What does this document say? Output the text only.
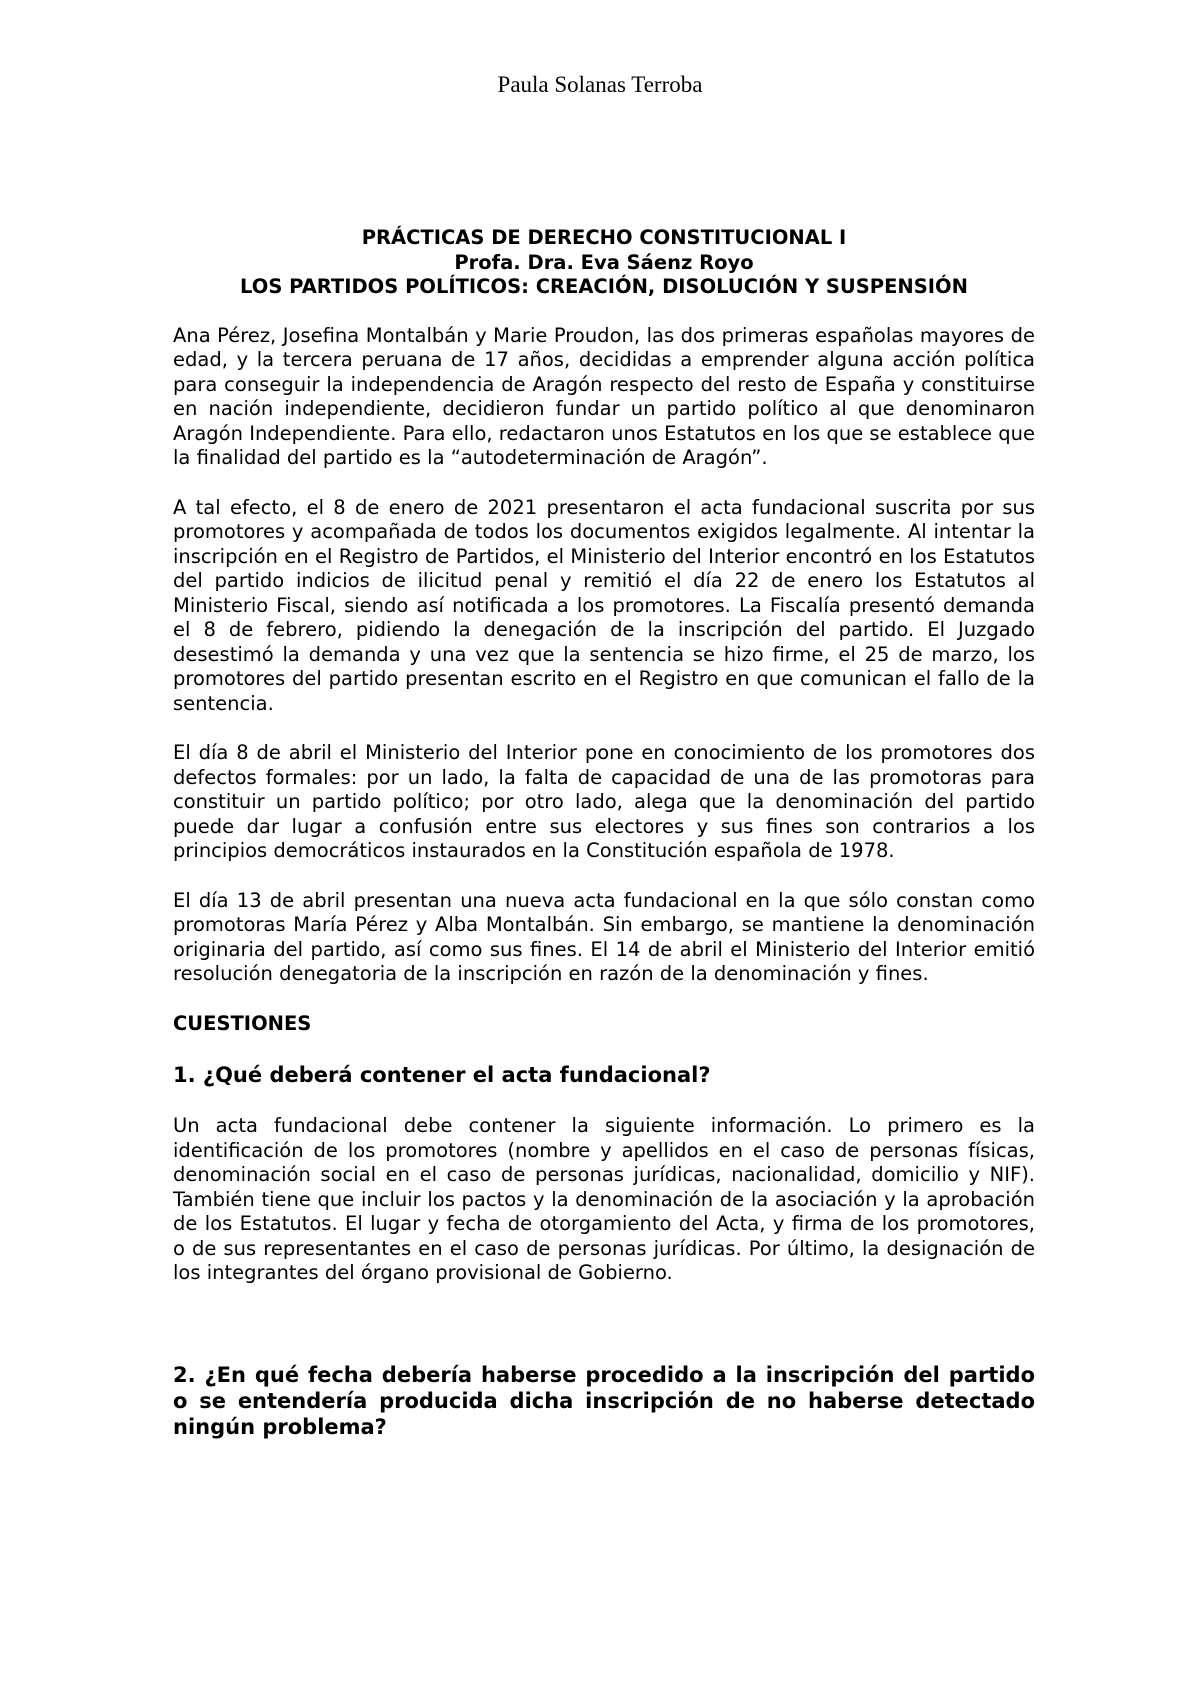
Paula Solanas Terroba
PRÁCTICAS DE DERECHO CONSTITUCIONAL I
Profa. Dra. Eva Sáenz Royo
LOS PARTIDOS POLÍTICOS: CREACIÓN, DISOLUCIÓN Y SUSPENSIÓN

Ana Pérez, Josefina Montalbán y Marie Proudon, las dos primeras españolas mayores de edad, y la tercera peruana de 17 años, decididas a emprender alguna acción política para conseguir la independencia de Aragón respecto del resto de España y constituirse en nación independiente, decidieron fundar un partido político al que denominaron Aragón Independiente. Para ello, redactaron unos Estatutos en los que se establece que la finalidad del partido es la “autodeterminación de Aragón”.

A tal efecto, el 8 de enero de 2021 presentaron el acta fundacional suscrita por sus promotores y acompañada de todos los documentos exigidos legalmente. Al intentar la inscripción en el Registro de Partidos, el Ministerio del Interior encontró en los Estatutos del partido indicios de ilicitud penal y remitió el día 22 de enero los Estatutos al Ministerio Fiscal, siendo así notificada a los promotores. La Fiscalía presentó demanda el 8 de febrero, pidiendo la denegación de la inscripción del partido. El Juzgado desestimó la demanda y una vez que la sentencia se hizo firme, el 25 de marzo, los promotores del partido presentan escrito en el Registro en que comunican el fallo de la sentencia.

El día 8 de abril el Ministerio del Interior pone en conocimiento de los promotores dos defectos formales: por un lado, la falta de capacidad de una de las promotoras para constituir un partido político; por otro lado, alega que la denominación del partido puede dar lugar a confusión entre sus electores y sus fines son contrarios a los principios democráticos instaurados en la Constitución española de 1978.

El día 13 de abril presentan una nueva acta fundacional en la que sólo constan como promotoras María Pérez y Alba Montalbán. Sin embargo, se mantiene la denominación originaria del partido, así como sus fines. El 14 de abril el Ministerio del Interior emitió resolución denegatoria de la inscripción en razón de la denominación y fines.

CUESTIONES
1. ¿Qué deberá contener el acta fundacional?

Un acta fundacional debe contener la siguiente información. Lo primero es la identificación de los promotores (nombre y apellidos en el caso de personas físicas, denominación social en el caso de personas jurídicas, nacionalidad, domicilio y NIF). También tiene que incluir los pactos y la denominación de la asociación y la aprobación de los Estatutos. El lugar y fecha de otorgamiento del Acta, y firma de los promotores, o de sus representantes en el caso de personas jurídicas. Por último, la designación de los integrantes del órgano provisional de Gobierno.

2. ¿En qué fecha debería haberse procedido a la inscripción del partido o se entendería producida dicha inscripción de no haberse detectado ningún problema?
